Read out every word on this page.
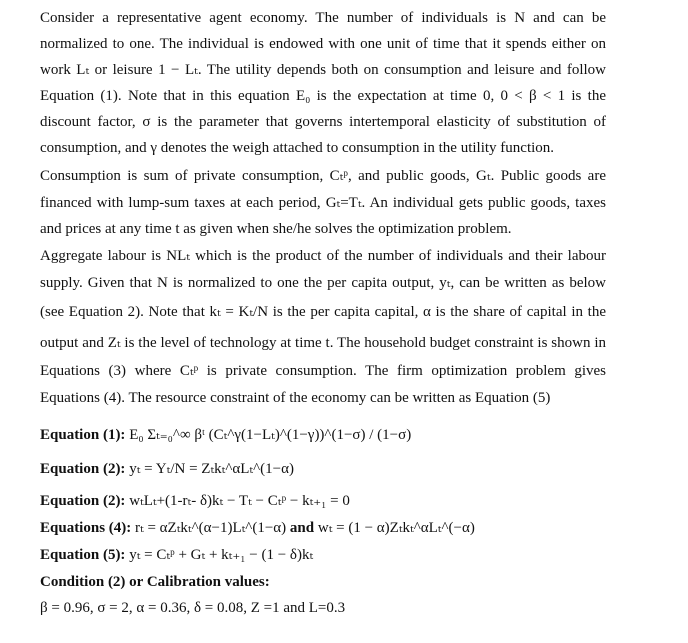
Consider a representative agent economy. The number of individuals is N and can be
normalized to one. The individual is endowed with one unit of time that it spends either on
work Lₜ or leisure 1 − Lₜ. The utility depends both on consumption and leisure and follow
Equation (1). Note that in this equation E₀ is the expectation at time 0, 0 < β < 1 is the
discount factor, σ is the parameter that governs intertemporal elasticity of substitution of
consumption, and γ denotes the weigh attached to consumption in the utility function.
Consumption is sum of private consumption, Cₜᵖ, and public goods, Gₜ. Public goods are
financed with lump-sum taxes at each period, Gₜ=Tₜ. An individual gets public goods, taxes
and prices at any time t as given when she/he solves the optimization problem.
Aggregate labour is NLₜ which is the product of the number of individuals and their labour
supply. Given that N is normalized to one the per capita output, yₜ, can be written as below
(see Equation 2). Note that kₜ = Kₜ/N is the per capita capital, α is the share of capital in the
output and Zₜ is the level of technology at time t. The household budget constraint is shown in
Equations (3) where Cₜᵖ is private consumption. The firm optimization problem gives
Equations (4). The resource constraint of the economy can be written as Equation (5)
Equation (1): E₀ Σₜ₌₀^∞ βᵗ (Cₜ^γ(1−Lₜ)^(1−γ))^(1−σ) / (1−σ)
Equation (2): yₜ = Yₜ/N = Zₜkₜ^αLₜ^(1−α)
Equation (2): wₜLₜ+(1-rₜ- δ)kₜ − Tₜ − Cₜᵖ − kₜ₊₁ = 0
Equations (4): rₜ = αZₜkₜ^(α−1)Lₜ^(1−α) and wₜ = (1 − α)Zₜkₜ^αLₜ^(−α)
Equation (5): yₜ = Cₜᵖ + Gₜ + kₜ₊₁ − (1 − δ)kₜ
Condition (2) or Calibration values:
β = 0.96, σ = 2, α = 0.36, δ = 0.08, Z =1 and L=0.3
